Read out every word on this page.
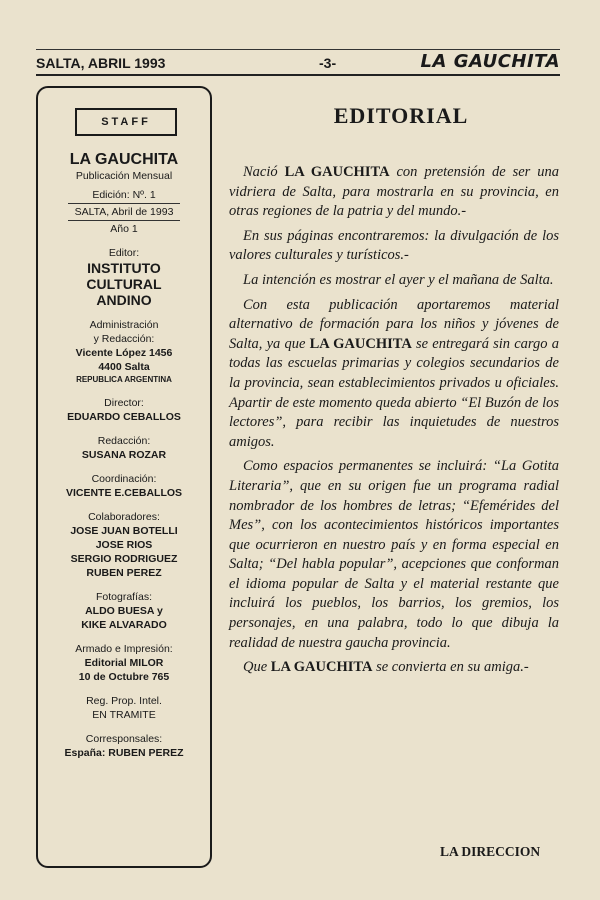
SALTA, ABRIL 1993	-3-	LA GAUCHITA
STAFF
LA GAUCHITA
Publicación Mensual
Edición: Nº. 1
SALTA, Abril de 1993
Año 1
Editor:
INSTITUTO
CULTURAL
ANDINO
Administración
y Redacción:
Vicente López 1456
4400 Salta
REPUBLICA ARGENTINA
Director:
EDUARDO CEBALLOS
Redacción:
SUSANA ROZAR
Coordinación:
VICENTE E.CEBALLOS
Colaboradores:
JOSE JUAN BOTELLI
JOSE RIOS
SERGIO RODRIGUEZ
RUBEN PEREZ
Fotografías:
ALDO BUESA y
KIKE ALVARADO
Armado e Impresión:
Editorial MILOR
10 de Octubre 765
Reg. Prop. Intel.
EN TRAMITE
Corresponsales:
España: RUBEN PEREZ
EDITORIAL

Nació LA GAUCHITA con pretensión de ser una vidriera de Salta, para mostrarla en su provincia, en otras regiones de la patria y del mundo.-

En sus páginas encontraremos: la divulgación de los valores culturales y turísticos.-

La intención es mostrar el ayer y el mañana de Salta.

Con esta publicación aportaremos material alternativo de formación para los niños y jóvenes de Salta, ya que LA GAUCHITA se entregará sin cargo a todas las escuelas primarias y colegios secundarios de la provincia, sean establecimientos privados u oficiales. Apartir de este momento queda abierto “El Buzón de los lectores”, para recibir las inquietudes de nuestros amigos.

Como espacios permanentes se incluirá: “La Gotita Literaria”, que en su origen fue un programa radial nombrador de los hombres de letras; “Efemérides del Mes”, con los acontecimientos históricos importantes que ocurrieron en nuestro país y en forma especial en Salta; “Del habla popular”, acepciones que conforman el idioma popular de Salta y el material restante que incluirá los pueblos, los barrios, los gremios, los personajes, en una palabra, todo lo que dibuja la realidad de nuestra gaucha provincia.

Que LA GAUCHITA se convierta en su amiga.-

LA DIRECCION
